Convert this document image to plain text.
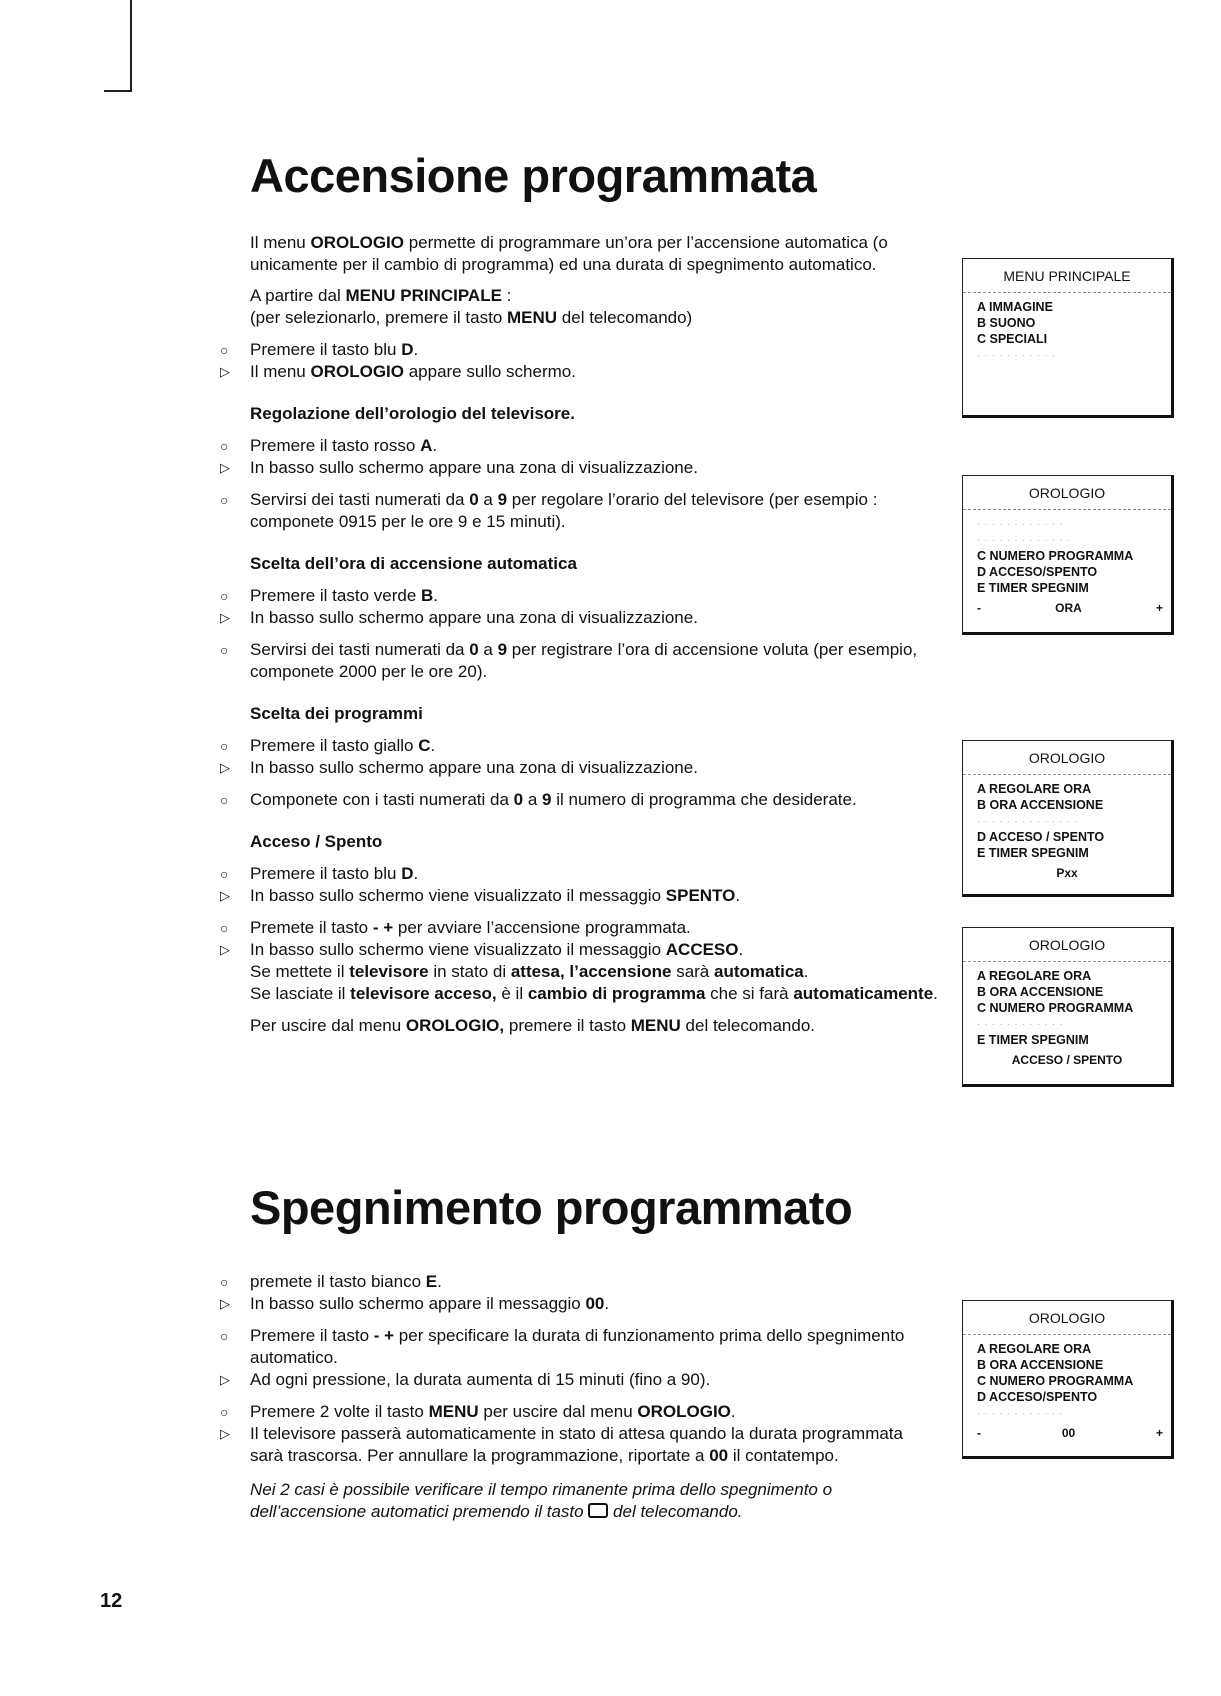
Accensione programmata

Il menu OROLOGIO permette di programmare un’ora per l’accensione automatica (o unicamente per il cambio di programma) ed una durata di spegnimento automatico.

A partire dal MENU PRINCIPALE :
(per selezionarlo, premere il tasto MENU del telecomando)

○ Premere il tasto blu D.

▷ Il menu OROLOGIO appare sullo schermo.

Regolazione dell’orologio del televisore.

○ Premere il tasto rosso A.

▷ In basso sullo schermo appare una zona di visualizzazione.

○ Servirsi dei tasti numerati da 0 a 9 per regolare l’orario del televisore (per esempio : componete 0915 per le ore 9 e 15 minuti).

Scelta dell’ora di accensione automatica

○ Premere il tasto verde B.

▷ In basso sullo schermo appare una zona di visualizzazione.

○ Servirsi dei tasti numerati da 0 a 9 per registrare l’ora di accensione voluta (per esempio, componete 2000 per le ore 20).

Scelta dei programmi

○ Premere il tasto giallo C.

▷ In basso sullo schermo appare una zona di visualizzazione.

○ Componete con i tasti numerati da 0 a 9 il numero di programma che desiderate.

Acceso / Spento

○ Premere il tasto blu D.

▷ In basso sullo schermo viene visualizzato il messaggio SPENTO.

○ Premete il tasto - + per avviare l’accensione programmata.

▷ In basso sullo schermo viene visualizzato il messaggio ACCESO.
Se mettete il televisore in stato di attesa, l’accensione sarà automatica.
Se lasciate il televisore acceso, è il cambio di programma che si farà automaticamente.

Per uscire dal menu OROLOGIO, premere il tasto MENU del telecomando.

Spegnimento programmato

○ premete il tasto bianco E.

▷ In basso sullo schermo appare il messaggio 00.

○ Premere il tasto - + per specificare la durata di funzionamento prima dello spegnimento automatico.

▷ Ad ogni pressione, la durata aumenta di 15 minuti (fino a 90).

○ Premere 2 volte il tasto MENU per uscire dal menu OROLOGIO.

▷ Il televisore passerà automaticamente in stato di attesa quando la durata programmata sarà trascorsa. Per annullare la programmazione, riportate a 00 il contatempo.

Nei 2 casi è possibile verificare il tempo rimanente prima dello spegnimento o dell’accensione automatici premendo il tasto  del telecomando.

MENU PRINCIPALE
A IMMAGINE
B SUONO
C SPECIALI
· · · · · · · · · · ·
OROLOGIO
· · · · · · · · · · · ·
· · · · · · · · · · · · ·
C NUMERO PROGRAMMA
D ACCESO/SPENTO
E TIMER SPEGNIM
-	ORA	+
OROLOGIO
A REGOLARE ORA
B ORA ACCENSIONE
· · · · · · · · · · · · · ·
D ACCESO / SPENTO
E TIMER SPEGNIM
Pxx
OROLOGIO
A REGOLARE ORA
B ORA ACCENSIONE
C NUMERO PROGRAMMA
· · · · · · · · · · · ·
E TIMER SPEGNIM
ACCESO / SPENTO
OROLOGIO
A REGOLARE ORA
B ORA ACCENSIONE
C NUMERO PROGRAMMA
D ACCESO/SPENTO
· · · · · · · · · · · ·
-	00	+
12
